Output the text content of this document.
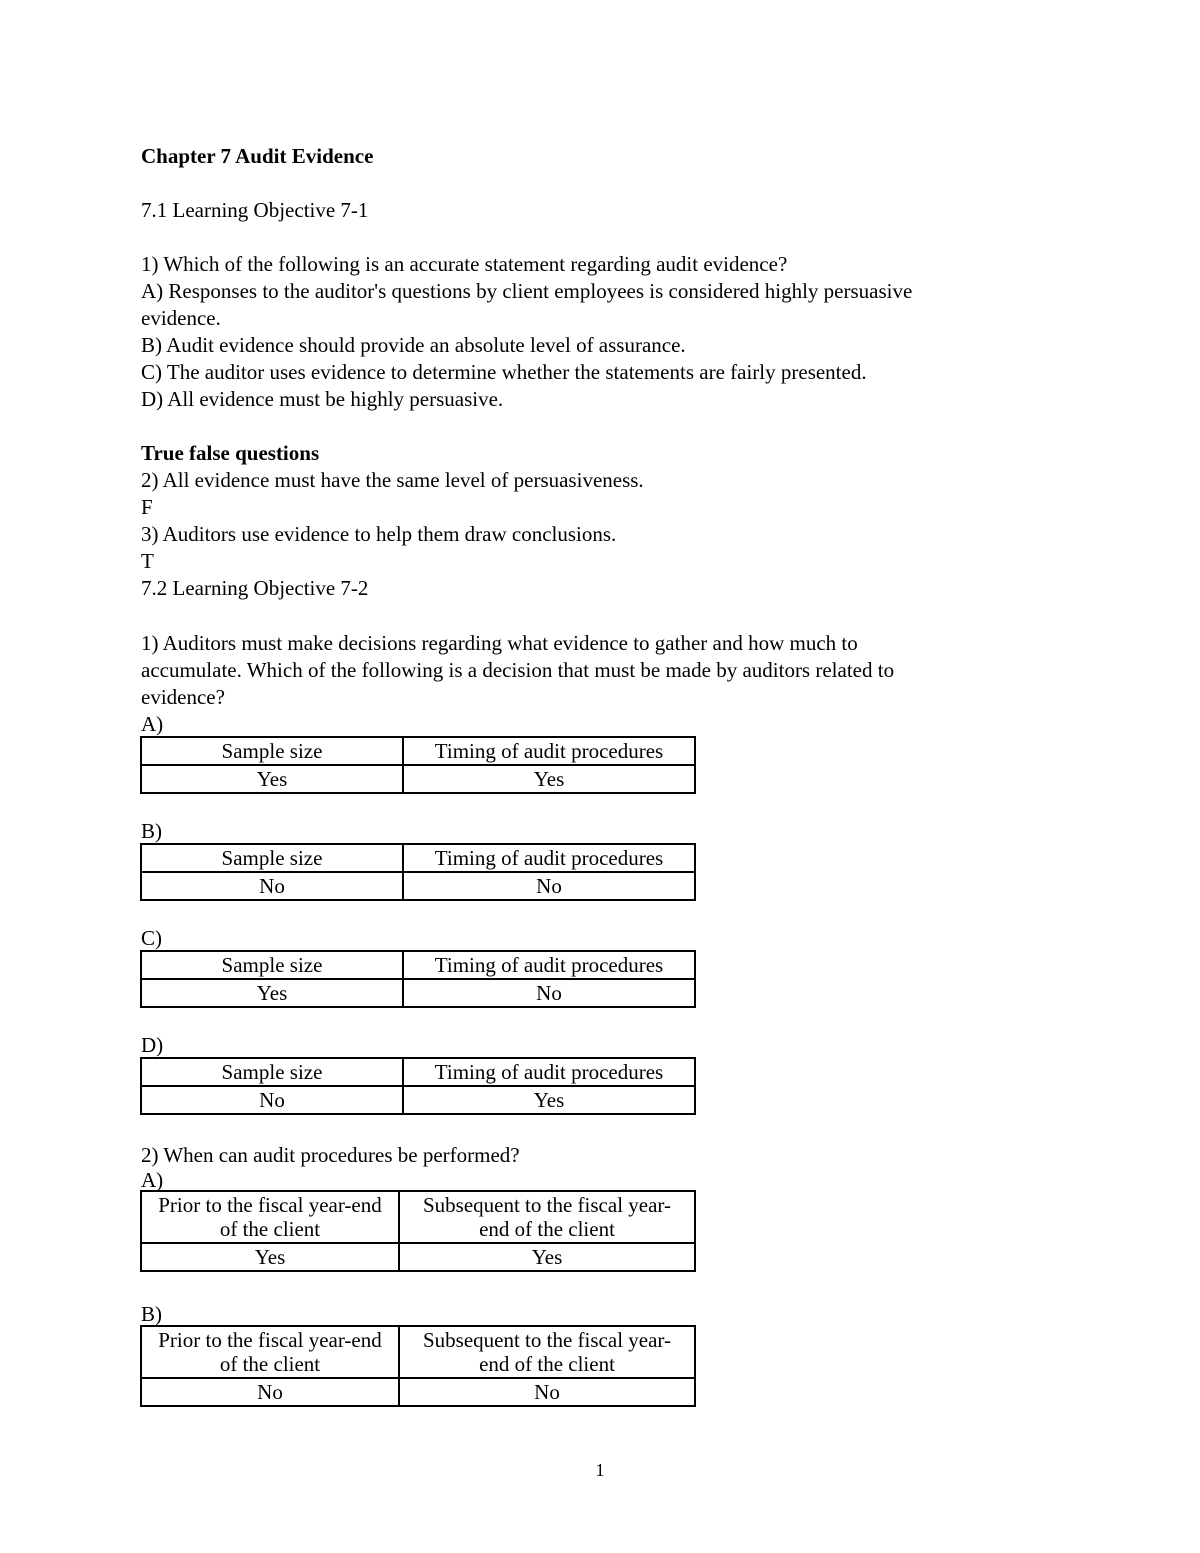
Chapter 7 Audit Evidence
7.1 Learning Objective 7-1
1) Which of the following is an accurate statement regarding audit evidence?
A) Responses to the auditor's questions by client employees is considered highly persuasive
evidence.
B) Audit evidence should provide an absolute level of assurance.
C) The auditor uses evidence to determine whether the statements are fairly presented.
D) All evidence must be highly persuasive.
True false questions
2) All evidence must have the same level of persuasiveness.
F
3) Auditors use evidence to help them draw conclusions.
T
7.2 Learning Objective 7-2
1) Auditors must make decisions regarding what evidence to gather and how much to
accumulate. Which of the following is a decision that must be made by auditors related to
evidence?
A)
Sample size	Timing of audit procedures
Yes	Yes
B)
Sample size	Timing of audit procedures
No	No
C)
Sample size	Timing of audit procedures
Yes	No
D)
Sample size	Timing of audit procedures
No	Yes
2) When can audit procedures be performed?
A)
Prior to the fiscal year-end
of the client	Subsequent to the fiscal year-
end of the client
Yes	Yes
B)
Prior to the fiscal year-end
of the client	Subsequent to the fiscal year-
end of the client
No	No
1
